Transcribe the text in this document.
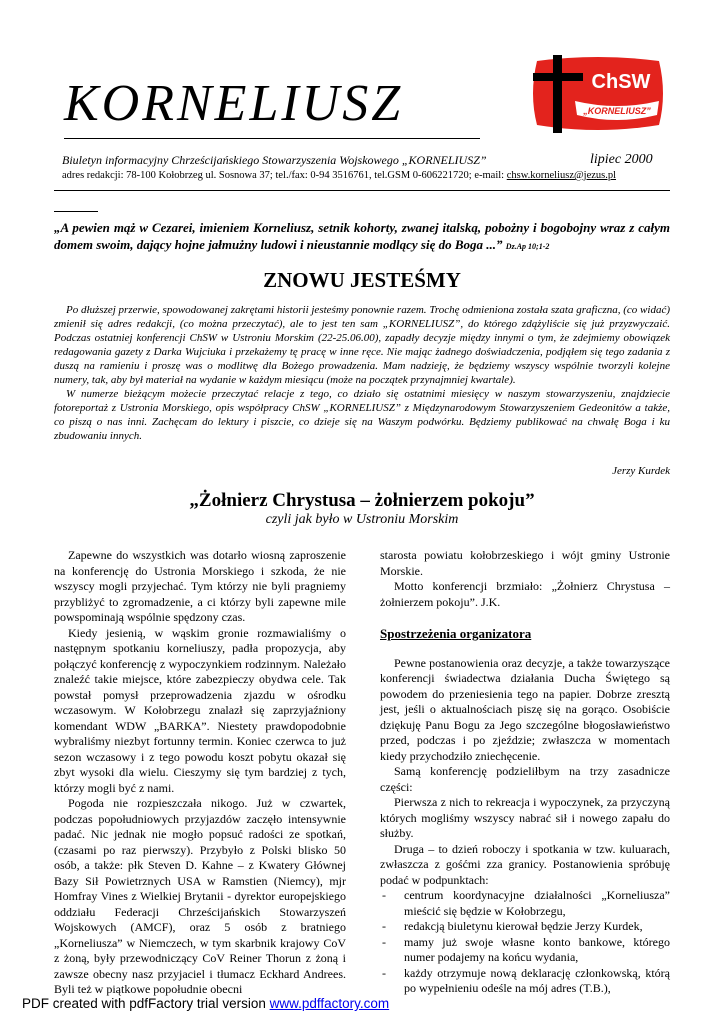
KORNELIUSZ	ChSW
„KORNELIUSZ”
Biuletyn informacyjny Chrześcijańskiego Stowarzyszenia Wojskowego „KORNELIUSZ”	lipiec 2000
adres redakcji: 78-100 Kołobrzeg ul. Sosnowa 37; tel./fax: 0-94 3516761, tel.GSM 0-606221720; e-mail: chsw.korneliusz@jezus.pl
„A pewien mąż w Cezarei, imieniem Korneliusz, setnik kohorty, zwanej italską, pobożny i bogobojny wraz z całym domem swoim, dający hojne jałmużny ludowi i nieustannie modlący się do Boga ...” Dz.Ap 10;1-2
ZNOWU JESTEŚMY

Po dłuższej przerwie, spowodowanej zakrętami historii jesteśmy ponownie razem. Trochę odmieniona została szata graficzna, (co widać) zmienił się adres redakcji, (co można przeczytać), ale to jest ten sam „KORNELIUSZ”, do którego zdążyliście się już przyzwyczaić. Podczas ostatniej konferencji ChSW w Ustroniu Morskim (22-25.06.00), zapadły decyzje między innymi o tym, że zdejmiemy obowiązek redagowania gazety z Darka Wujciuka i przekażemy tę pracę w inne ręce. Nie mając żadnego doświadczenia, podjąłem się tego zadania z duszą na ramieniu i proszę was o modlitwę dla Bożego prowadzenia. Mam nadzieję, że będziemy wszyscy wspólnie tworzyli kolejne numery, tak, aby był materiał na wydanie w każdym miesiącu (może na początek przynajmniej kwartale).

W numerze bieżącym możecie przeczytać relacje z tego, co działo się ostatnimi miesięcy w naszym stowarzyszeniu, znajdziecie fotoreportaż z Ustronia Morskiego, opis współpracy ChSW „KORNELIUSZ” z Międzynarodowym Stowarzyszeniem Gedeonitów a także, co piszą o nas inni. Zachęcam do lektury i piszcie, co dzieje się na Waszym podwórku. Będziemy publikować na chwałę Boga i ku zbudowaniu innych.

Jerzy Kurdek
„Żołnierz Chrystusa – żołnierzem pokoju”
czyli jak było w Ustroniu Morskim

Zapewne do wszystkich was dotarło wiosną zaproszenie na konferencję do Ustronia Morskiego i szkoda, że nie wszyscy mogli przyjechać. Tym którzy nie byli pragniemy przybliżyć to zgromadzenie, a ci którzy byli zapewne mile powspominają wspólnie spędzony czas.

Kiedy jesienią, w wąskim gronie rozmawialiśmy o następnym spotkaniu korneliuszy, padła propozycja, aby połączyć konferencję z wypoczynkiem rodzinnym. Należało znaleźć takie miejsce, które zabezpieczy obydwa cele. Tak powstał pomysł przeprowadzenia zjazdu w ośrodku wczasowym. W Kołobrzegu znalazł się zaprzyjaźniony komendant WDW „BARKA”. Niestety prawdopodobnie wybraliśmy niezbyt fortunny termin. Koniec czerwca to już sezon wczasowy i z tego powodu koszt pobytu okazał się zbyt wysoki dla wielu. Cieszymy się tym bardziej z tych, którzy mogli być z nami.

Pogoda nie rozpieszczała nikogo. Już w czwartek, podczas popołudniowych przyjazdów zaczęło intensywnie padać. Nic jednak nie mogło popsuć radości ze spotkań, (czasami po raz pierwszy). Przybyło z Polski blisko 50 osób, a także: płk Steven D. Kahne – z Kwatery Głównej Bazy Sił Powietrznych USA w Ramstien (Niemcy), mjr Homfray Vines z Wielkiej Brytanii - dyrektor europejskiego oddziału Federacji Chrześcijańskich Stowarzyszeń Wojskowych (AMCF), oraz 5 osób z bratniego „Korneliusza” w Niemczech, w tym skarbnik krajowy CoV z żoną, były przewodniczący CoV Reiner Thorun z żoną i zawsze obecny nasz przyjaciel i tłumacz Eckhard Andrees. Byli też w piątkowe popołudnie obecni

starosta powiatu kołobrzeskiego i wójt gminy Ustronie Morskie.

Motto konferencji brzmiało: „Żołnierz Chrystusa – żołnierzem pokoju”. J.K.

Spostrzeżenia organizatora

Pewne postanowienia oraz decyzje, a także towarzyszące konferencji świadectwa działania Ducha Świętego są powodem do przeniesienia tego na papier. Dobrze zresztą jest, jeśli o aktualnościach piszę się na gorąco. Osobiście dziękuję Panu Bogu za Jego szczególne błogosławieństwo przed, podczas i po zjeździe; zwłaszcza w momentach kiedy przychodziło zniechęcenie.

Samą konferencję podzieliłbym na trzy zasadnicze części:

Pierwsza z nich to rekreacja i wypoczynek, za przyczyną których mogliśmy wszyscy nabrać sił i nowego zapału do służby.

Druga – to dzień roboczy i spotkania w tzw. kuluarach, zwłaszcza z gośćmi zza granicy. Postanowienia spróbuję podać w podpunktach:

- centrum koordynacyjne działalności „Korneliusza” mieścić się będzie w Kołobrzegu,
- redakcją biuletynu kierował będzie Jerzy Kurdek,
- mamy już swoje własne konto bankowe, którego numer podajemy na końcu wydania,
- każdy otrzymuje nową deklarację członkowską, którą po wypełnieniu odeśle na mój adres (T.B.),
PDF created with pdfFactory trial version www.pdffactory.com
